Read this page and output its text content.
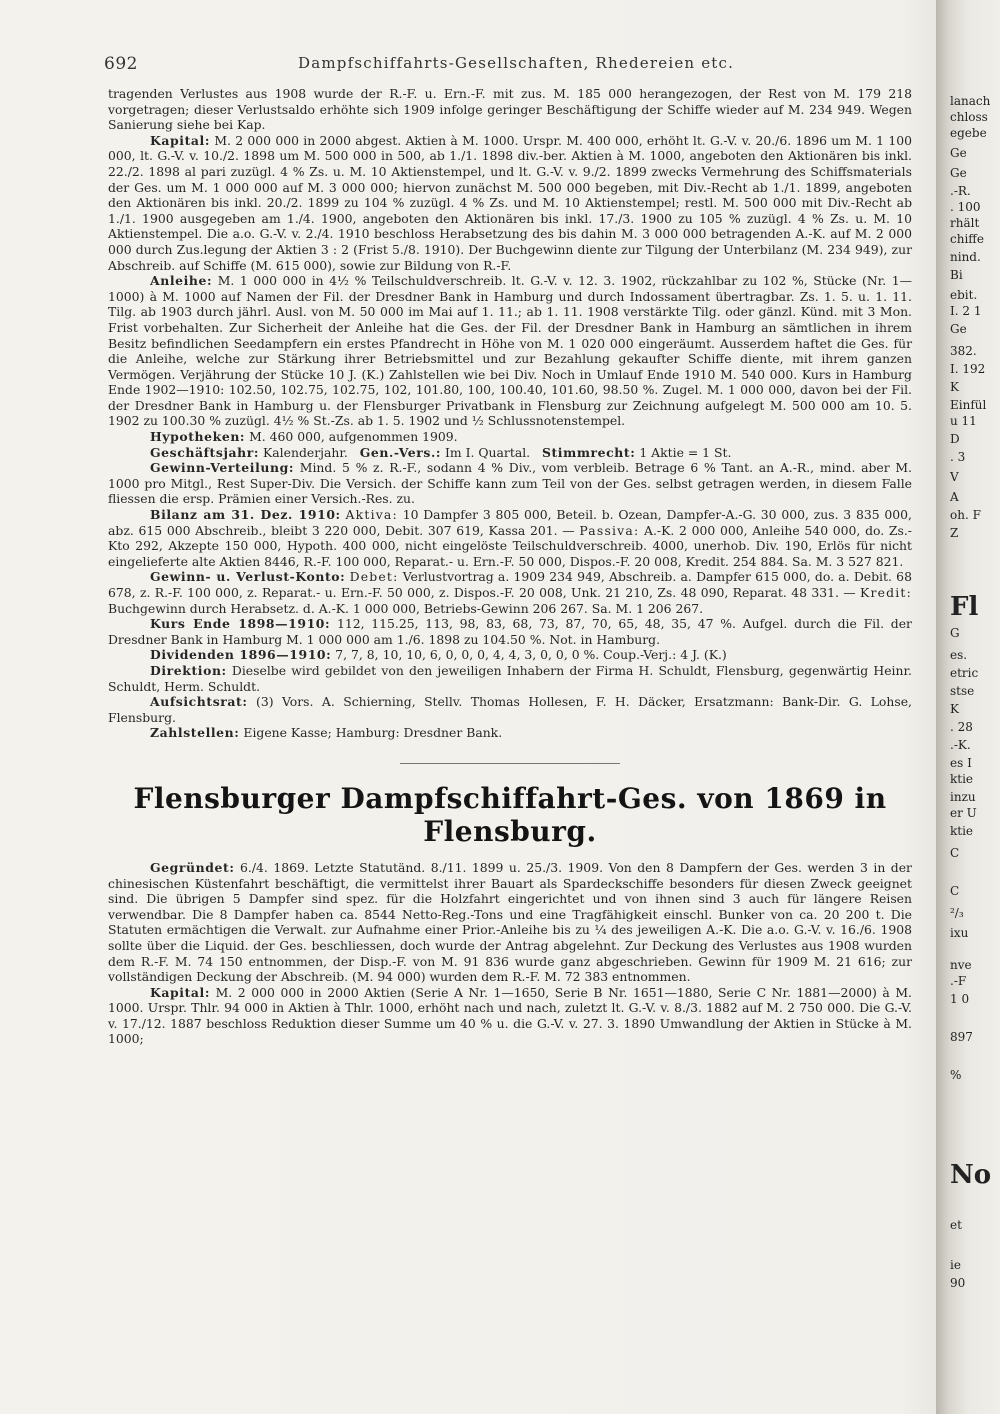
692	Dampfschiffahrts-Gesellschaften, Rhedereien etc.

tragenden Verlustes aus 1908 wurde der R.-F. u. Ern.-F. mit zus. M. 185 000 herangezogen, der Rest von M. 179 218 vorgetragen; dieser Verlustsaldo erhöhte sich 1909 infolge geringer Beschäftigung der Schiffe wieder auf M. 234 949. Wegen Sanierung siehe bei Kap.

Kapital: M. 2 000 000 in 2000 abgest. Aktien à M. 1000. Urspr. M. 400 000, erhöht lt. G.-V. v. 20./6. 1896 um M. 1 100 000, lt. G.-V. v. 10./2. 1898 um M. 500 000 in 500, ab 1./1. 1898 div.-ber. Aktien à M. 1000, angeboten den Aktionären bis inkl. 22./2. 1898 al pari zuzügl. 4 % Zs. u. M. 10 Aktienstempel, und lt. G.-V. v. 9./2. 1899 zwecks Vermehrung des Schiffsmaterials der Ges. um M. 1 000 000 auf M. 3 000 000; hiervon zunächst M. 500 000 begeben, mit Div.-Recht ab 1./1. 1899, angeboten den Aktionären bis inkl. 20./2. 1899 zu 104 % zuzügl. 4 % Zs. und M. 10 Aktienstempel; restl. M. 500 000 mit Div.-Recht ab 1./1. 1900 ausgegeben am 1./4. 1900, angeboten den Aktionären bis inkl. 17./3. 1900 zu 105 % zuzügl. 4 % Zs. u. M. 10 Aktienstempel. Die a.o. G.-V. v. 2./4. 1910 beschloss Herabsetzung des bis dahin M. 3 000 000 betragenden A.-K. auf M. 2 000 000 durch Zus.legung der Aktien 3 : 2 (Frist 5./8. 1910). Der Buchgewinn diente zur Tilgung der Unterbilanz (M. 234 949), zur Abschreib. auf Schiffe (M. 615 000), sowie zur Bildung von R.-F.

Anleihe: M. 1 000 000 in 4½ % Teilschuldverschreib. lt. G.-V. v. 12. 3. 1902, rückzahlbar zu 102 %, Stücke (Nr. 1—1000) à M. 1000 auf Namen der Fil. der Dresdner Bank in Hamburg und durch Indossament übertragbar. Zs. 1. 5. u. 1. 11. Tilg. ab 1903 durch jährl. Ausl. von M. 50 000 im Mai auf 1. 11.; ab 1. 11. 1908 verstärkte Tilg. oder gänzl. Künd. mit 3 Mon. Frist vorbehalten. Zur Sicherheit der Anleihe hat die Ges. der Fil. der Dresdner Bank in Hamburg an sämtlichen in ihrem Besitz befindlichen Seedampfern ein erstes Pfandrecht in Höhe von M. 1 020 000 eingeräumt. Ausserdem haftet die Ges. für die Anleihe, welche zur Stärkung ihrer Betriebsmittel und zur Bezahlung gekaufter Schiffe diente, mit ihrem ganzen Vermögen. Verjährung der Stücke 10 J. (K.) Zahlstellen wie bei Div. Noch in Umlauf Ende 1910 M. 540 000. Kurs in Hamburg Ende 1902—1910: 102.50, 102.75, 102.75, 102, 101.80, 100, 100.40, 101.60, 98.50 %. Zugel. M. 1 000 000, davon bei der Fil. der Dresdner Bank in Hamburg u. der Flensburger Privatbank in Flensburg zur Zeichnung aufgelegt M. 500 000 am 10. 5. 1902 zu 100.30 % zuzügl. 4½ % St.-Zs. ab 1. 5. 1902 und ½ Schlussnotenstempel.

Hypotheken: M. 460 000, aufgenommen 1909.

Geschäftsjahr: Kalenderjahr. Gen.-Vers.: Im I. Quartal. Stimmrecht: 1 Aktie = 1 St.

Gewinn-Verteilung: Mind. 5 % z. R.-F., sodann 4 % Div., vom verbleib. Betrage 6 % Tant. an A.-R., mind. aber M. 1000 pro Mitgl., Rest Super-Div. Die Versich. der Schiffe kann zum Teil von der Ges. selbst getragen werden, in diesem Falle fliessen die ersp. Prämien einer Versich.-Res. zu.

Bilanz am 31. Dez. 1910: Aktiva: 10 Dampfer 3 805 000, Beteil. b. Ozean, Dampfer-A.-G. 30 000, zus. 3 835 000, abz. 615 000 Abschreib., bleibt 3 220 000, Debit. 307 619, Kassa 201. — Passiva: A.-K. 2 000 000, Anleihe 540 000, do. Zs.-Kto 292, Akzepte 150 000, Hypoth. 400 000, nicht eingelöste Teilschuldverschreib. 4000, unerhob. Div. 190, Erlös für nicht eingelieferte alte Aktien 8446, R.-F. 100 000, Reparat.- u. Ern.-F. 50 000, Dispos.-F. 20 008, Kredit. 254 884. Sa. M. 3 527 821.

Gewinn- u. Verlust-Konto: Debet: Verlustvortrag a. 1909 234 949, Abschreib. a. Dampfer 615 000, do. a. Debit. 68 678, z. R.-F. 100 000, z. Reparat.- u. Ern.-F. 50 000, z. Dispos.-F. 20 008, Unk. 21 210, Zs. 48 090, Reparat. 48 331. — Kredit: Buchgewinn durch Herabsetz. d. A.-K. 1 000 000, Betriebs-Gewinn 206 267. Sa. M. 1 206 267.

Kurs Ende 1898—1910: 112, 115.25, 113, 98, 83, 68, 73, 87, 70, 65, 48, 35, 47 %. Aufgel. durch die Fil. der Dresdner Bank in Hamburg M. 1 000 000 am 1./6. 1898 zu 104.50 %. Not. in Hamburg.

Dividenden 1896—1910: 7, 7, 8, 10, 10, 6, 0, 0, 0, 4, 4, 3, 0, 0, 0 %. Coup.-Verj.: 4 J. (K.)

Direktion: Dieselbe wird gebildet von den jeweiligen Inhabern der Firma H. Schuldt, Flensburg, gegenwärtig Heinr. Schuldt, Herm. Schuldt.

Aufsichtsrat: (3) Vors. A. Schierning, Stellv. Thomas Hollesen, F. H. Däcker, Ersatzmann: Bank-Dir. G. Lohse, Flensburg.

Zahlstellen: Eigene Kasse; Hamburg: Dresdner Bank.

Flensburger Dampfschiffahrt-Ges. von 1869 in Flensburg.

Gegründet: 6./4. 1869. Letzte Statutänd. 8./11. 1899 u. 25./3. 1909. Von den 8 Dampfern der Ges. werden 3 in der chinesischen Küstenfahrt beschäftigt, die vermittelst ihrer Bauart als Spardeckschiffe besonders für diesen Zweck geeignet sind. Die übrigen 5 Dampfer sind spez. für die Holzfahrt eingerichtet und von ihnen sind 3 auch für längere Reisen verwendbar. Die 8 Dampfer haben ca. 8544 Netto-Reg.-Tons und eine Tragfähigkeit einschl. Bunker von ca. 20 200 t. Die Statuten ermächtigen die Verwalt. zur Aufnahme einer Prior.-Anleihe bis zu ¼ des jeweiligen A.-K. Die a.o. G.-V. v. 16./6. 1908 sollte über die Liquid. der Ges. beschliessen, doch wurde der Antrag abgelehnt. Zur Deckung des Verlustes aus 1908 wurden dem R.-F. M. 74 150 entnommen, der Disp.-F. von M. 91 836 wurde ganz abgeschrieben. Gewinn für 1909 M. 21 616; zur vollständigen Deckung der Abschreib. (M. 94 000) wurden dem R.-F. M. 72 383 entnommen.

Kapital: M. 2 000 000 in 2000 Aktien (Serie A Nr. 1—1650, Serie B Nr. 1651—1880, Serie C Nr. 1881—2000) à M. 1000. Urspr. Thlr. 94 000 in Aktien à Thlr. 1000, erhöht nach und nach, zuletzt lt. G.-V. v. 8./3. 1882 auf M. 2 750 000. Die G.-V. v. 17./12. 1887 beschloss Reduktion dieser Summe um 40 % u. die G.-V. v. 27. 3. 1890 Umwandlung der Aktien in Stücke à M. 1000;

lanach
chloss
egebe
Ge
Ge
.-R.
. 100
rhält
chiffe
nind.
Bi
ebit.
I. 2 1
Ge
382.
I. 192
K
Einfül
u 11
D
. 3
V
A
oh. F
Z
Fl
G
es.
etric
stse
K
. 28
.-K.
es I
ktie
inzu
er U
ktie
C
C
²/₃
ixu
nve
.-F
1 0
897
%
No
et
ie
90
